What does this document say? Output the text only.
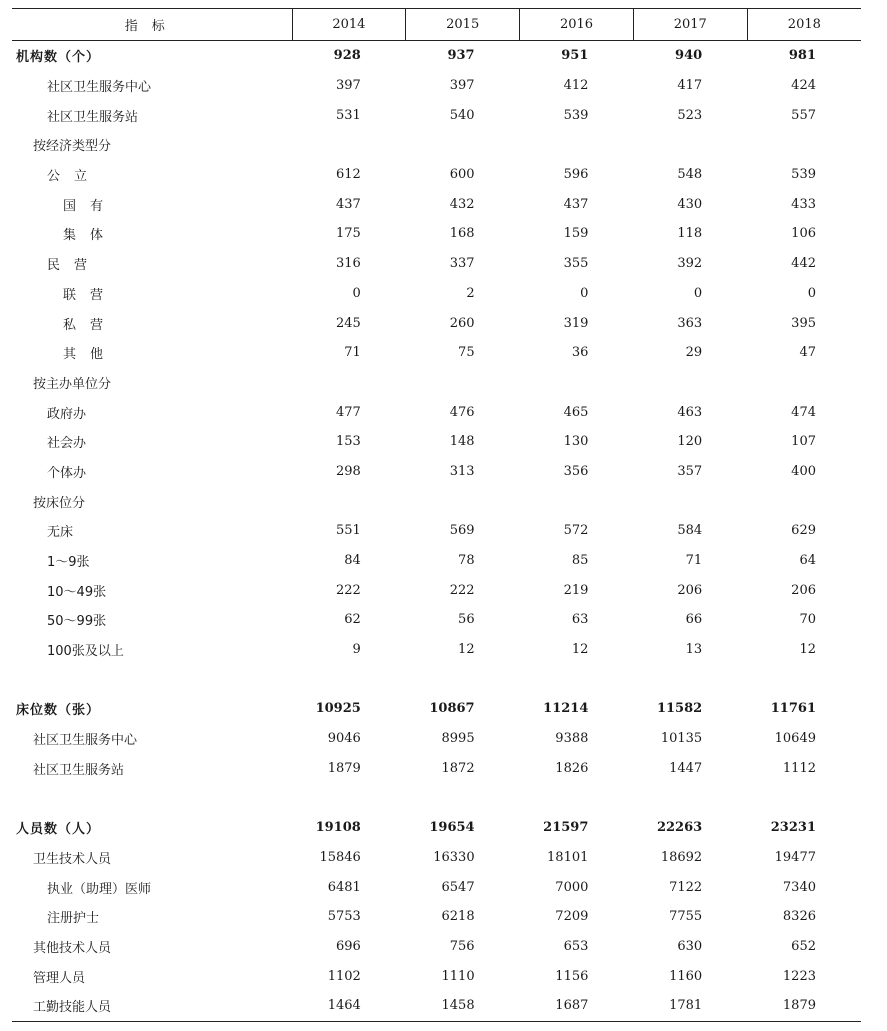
指标	2014	2015	2016	2017	2018
机构数（个）	928	937	951	940	981
社区卫生服务中心	397	397	412	417	424
社区卫生服务站	531	540	539	523	557
按经济类型分					
公立	612	600	596	548	539
国有	437	432	437	430	433
集体	175	168	159	118	106
民营	316	337	355	392	442
联营	0	2	0	0	0
私营	245	260	319	363	395
其他	71	75	36	29	47
按主办单位分					
政府办	477	476	465	463	474
社会办	153	148	130	120	107
个体办	298	313	356	357	400
按床位分					
无床	551	569	572	584	629
1～9张	84	78	85	71	64
10～49张	222	222	219	206	206
50～99张	62	56	63	66	70
100张及以上	9	12	12	13	12

床位数（张）	10925	10867	11214	11582	11761
社区卫生服务中心	9046	8995	9388	10135	10649
社区卫生服务站	1879	1872	1826	1447	1112

人员数（人）	19108	19654	21597	22263	23231
卫生技术人员	15846	16330	18101	18692	19477
执业（助理）医师	6481	6547	7000	7122	7340
注册护士	5753	6218	7209	7755	8326
其他技术人员	696	756	653	630	652
管理人员	1102	1110	1156	1160	1223
工勤技能人员	1464	1458	1687	1781	1879
